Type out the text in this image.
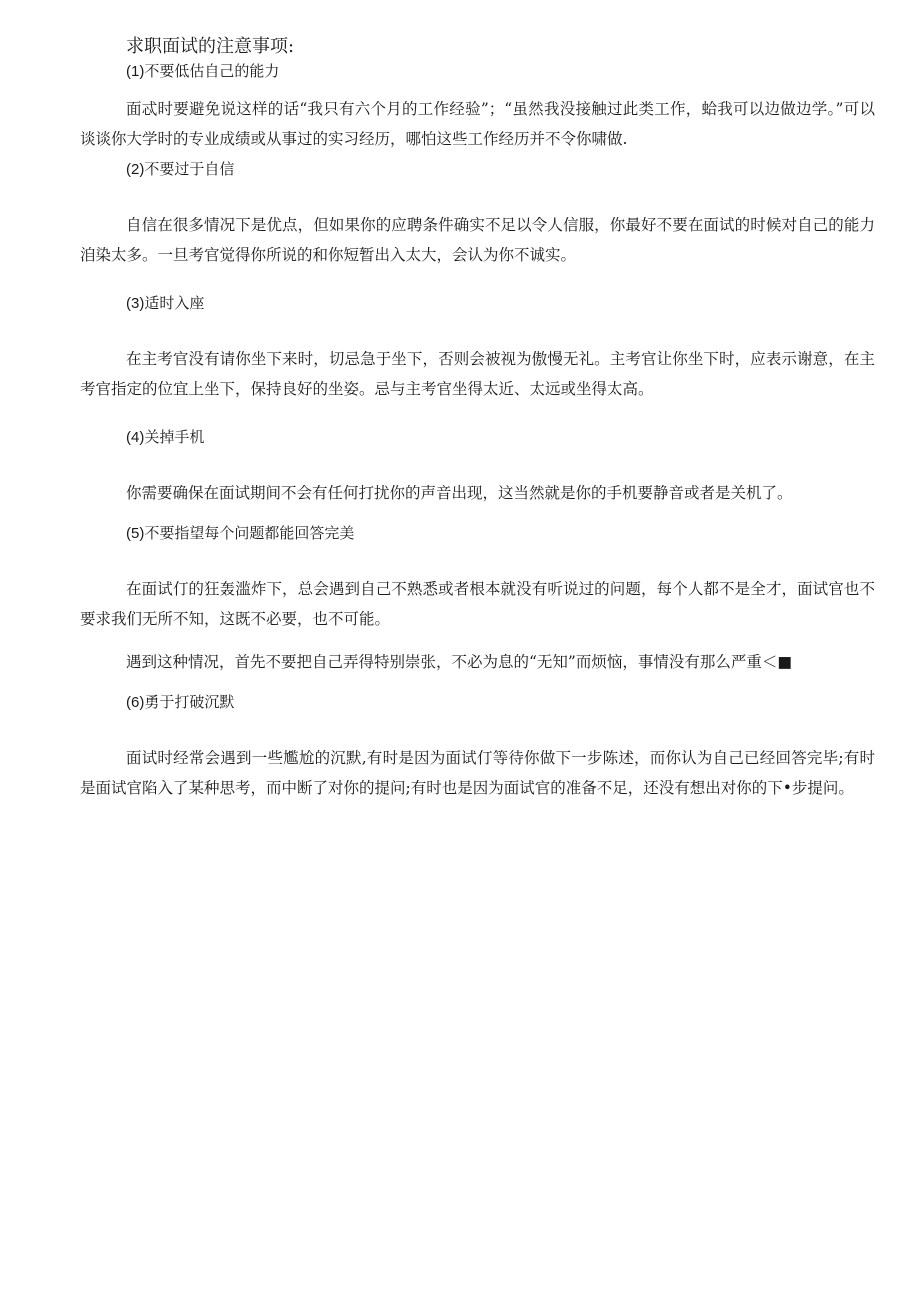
求职面试的注意事项:
(1)不要低估自己的能力

面忒时要避免说这样的话“我只有六个月的工作经验”；“虽然我没接触过此类工作，蛤我可以边做边学。”可以谈谈你大学时的专业成绩或从事过的实习经历，哪怕这些工作经历并不令你啸做.

(2)不要过于自信

自信在很多情况下是优点，但如果你的应聘条件确实不足以令人信服，你最好不要在面试的时候对自己的能力洎染太多。一旦考官觉得你所说的和你短暂出入太大，会认为你不诚实。

(3)适时入座

在主考官没有请你坐下来时，切忌急于坐下，否则会被视为傲慢无礼。主考官让你坐下时，应表示谢意，在主考官指定的位宜上坐下，保持良好的坐姿。忌与主考官坐得太近、太远或坐得太高。

(4)关掉手机

你需要确保在面试期间不会有任何打扰你的声音出现，这当然就是你的手机要静音或者是关机了。

(5)不要指望每个问题都能回答完美

在面试仃的狂轰滥炸下，总会遇到自己不熟悉或者根本就没有听说过的问题，每个人都不是全才，面试官也不要求我们无所不知，这既不必要，也不可能。

遇到这种情况，首先不要把自己弄得特别崇张，不必为息的“无知”而烦恼，事情没有那么严重＜■

(6)勇于打破沉默

面试时经常会遇到一些尷尬的沉默,有时是因为面试仃等待你做下一步陈述，而你认为自己已经回答完毕;有时是面试官陷入了某种思考，而中断了对你的提问;有时也是因为面试官的准备不足，还没有想出对你的下•步提问。
